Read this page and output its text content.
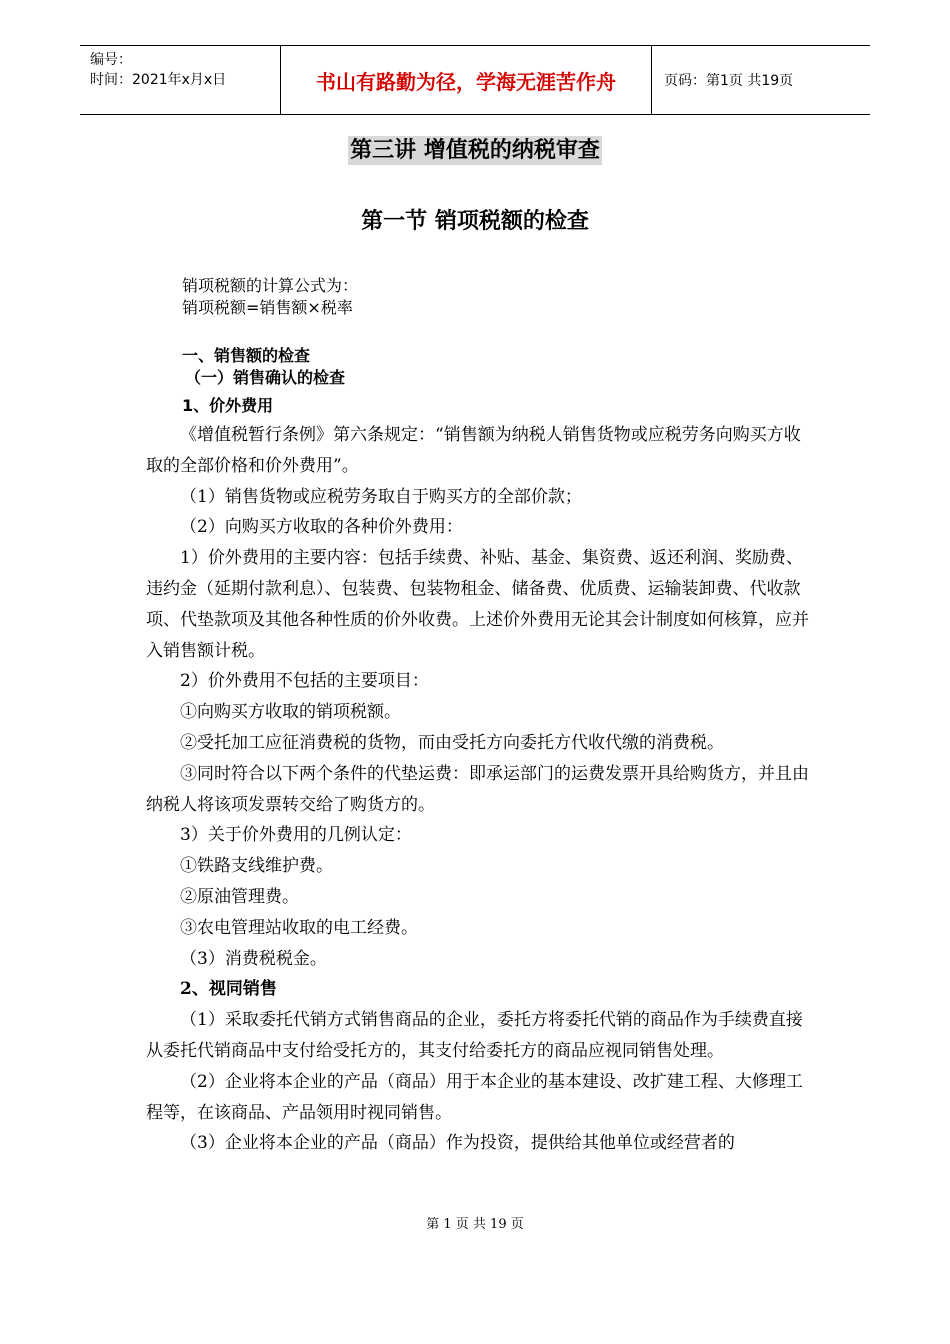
编号：
时间：2021年x月x日	书山有路勤为径，学海无涯苦作舟	页码：第1页 共19页
第三讲 增值税的纳税审查
第一节 销项税额的检查
销项税额的计算公式为：
销项税额=销售额×税率
一、销售额的检查
（一）销售确认的检查
1、价外费用

《增值税暂行条例》第六条规定：“销售额为纳税人销售货物或应税劳务向购买方收取的全部价格和价外费用”。

（1）销售货物或应税劳务取自于购买方的全部价款；

（2）向购买方收取的各种价外费用：

1）价外费用的主要内容：包括手续费、补贴、基金、集资费、返还利润、奖励费、违约金（延期付款利息）、包装费、包装物租金、储备费、优质费、运输装卸费、代收款项、代垫款项及其他各种性质的价外收费。上述价外费用无论其会计制度如何核算，应并入销售额计税。

2）价外费用不包括的主要项目：

①向购买方收取的销项税额。

②受托加工应征消费税的货物，而由受托方向委托方代收代缴的消费税。

③同时符合以下两个条件的代垫运费：即承运部门的运费发票开具给购货方，并且由纳税人将该项发票转交给了购货方的。

3）关于价外费用的几例认定：

①铁路支线维护费。

②原油管理费。

③农电管理站收取的电工经费。

（3）消费税税金。

2、视同销售

（1）采取委托代销方式销售商品的企业，委托方将委托代销的商品作为手续费直接从委托代销商品中支付给受托方的，其支付给委托方的商品应视同销售处理。

（2）企业将本企业的产品（商品）用于本企业的基本建设、改扩建工程、大修理工程等，在该商品、产品领用时视同销售。

（3）企业将本企业的产品（商品）作为投资，提供给其他单位或经营者的

第 1 页 共 19 页
